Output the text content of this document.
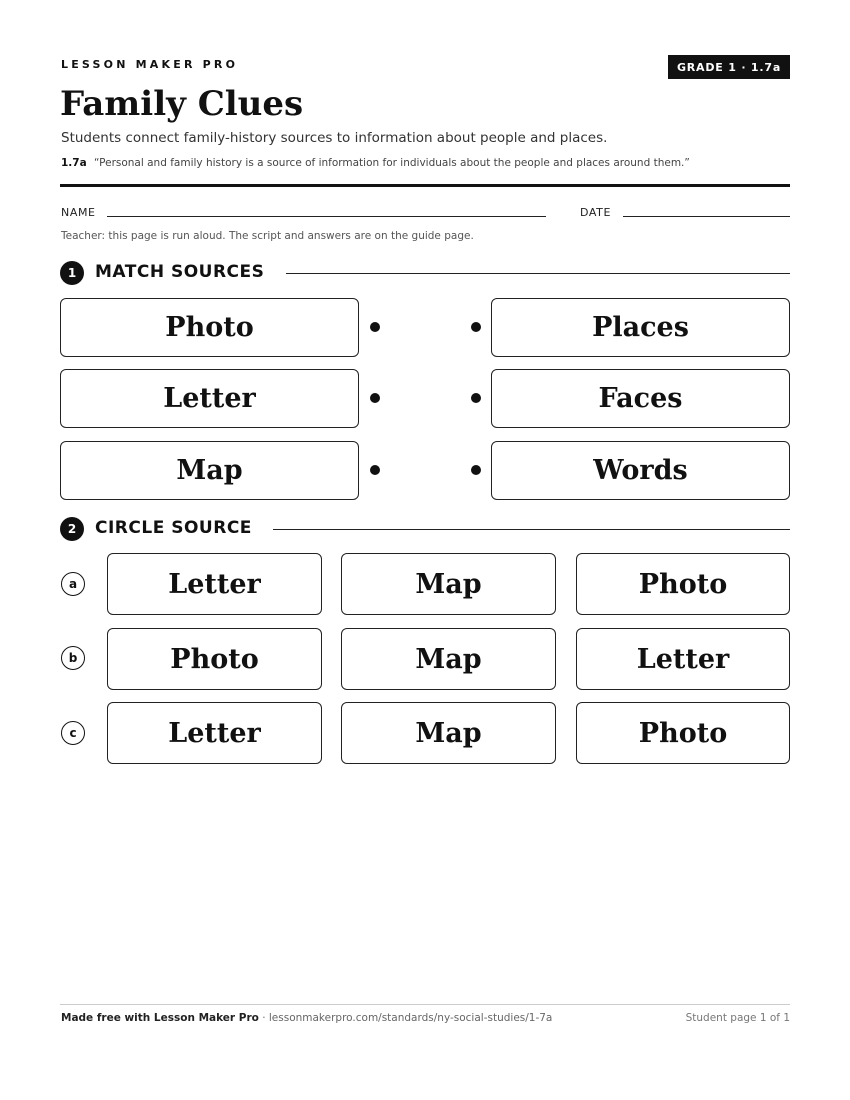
LESSON MAKER PRO	GRADE 1 · 1.7a
Family Clues
Students connect family-history sources to information about people and places.
1.7a “Personal and family history is a source of information for individuals about the people and places around them.”
NAME	DATE
Teacher: this page is run aloud. The script and answers are on the guide page.
1	MATCH SOURCES
Photo	Places
Letter	Faces
Map	Words
2	CIRCLE SOURCE
a	Letter	Map	Photo
b	Photo	Map	Letter
c	Letter	Map	Photo
Made free with Lesson Maker Pro · lessonmakerpro.com/standards/ny-social-studies/1-7a	Student page 1 of 1
